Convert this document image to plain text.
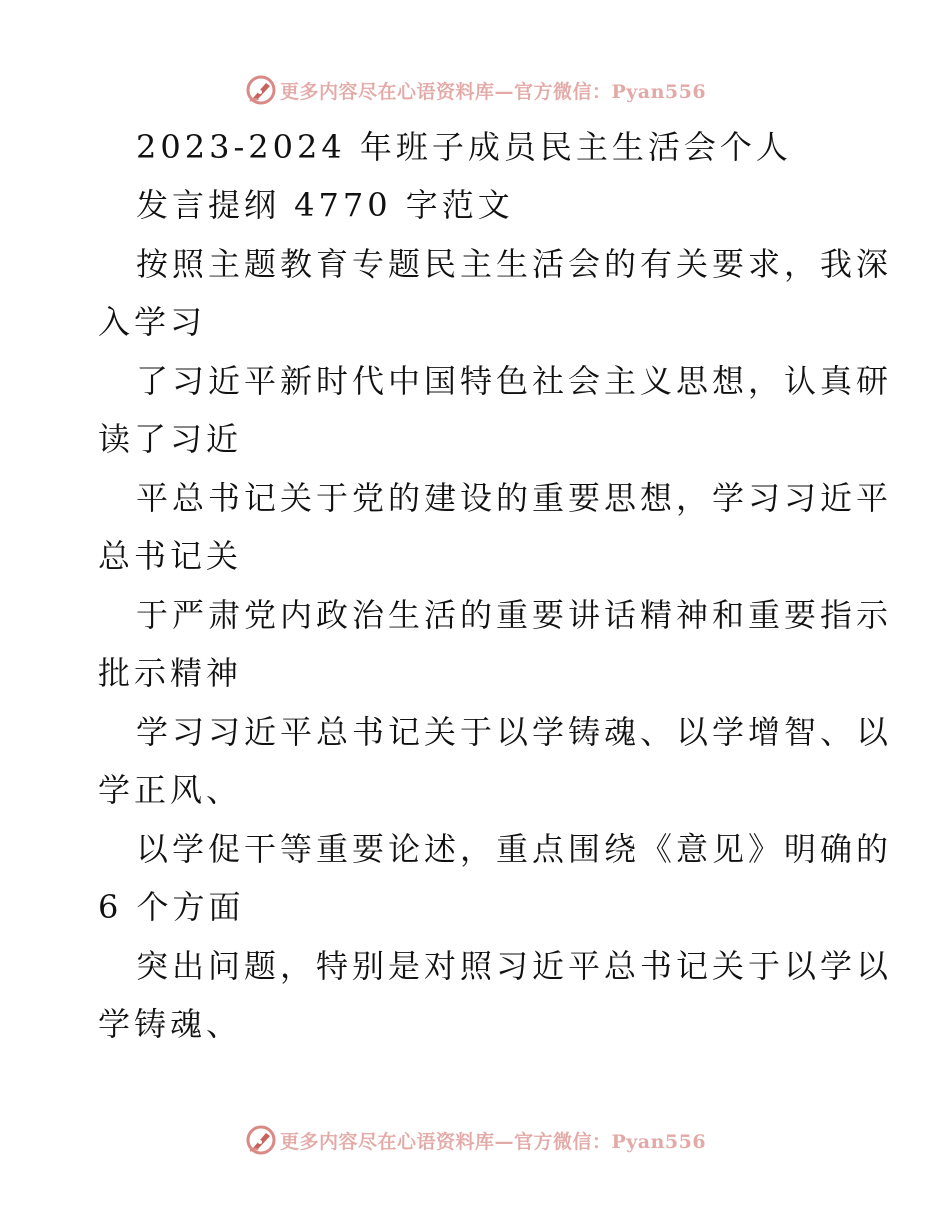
更多内容尽在心语资料库—官方微信：Pyan556
2023-2024 年班子成员民主生活会个人
发言提纲 4770 字范文
按照主题教育专题民主生活会的有关要求，我深
入学习
了习近平新时代中国特色社会主义思想，认真研
读了习近
平总书记关于党的建设的重要思想，学习习近平
总书记关
于严肃党内政治生活的重要讲话精神和重要指示
批示精神
学习习近平总书记关于以学铸魂、以学增智、以
学正风、
以学促干等重要论述，重点围绕《意见》明确的
6 个方面
突出问题，特别是对照习近平总书记关于以学以
学铸魂、
更多内容尽在心语资料库—官方微信：Pyan556
